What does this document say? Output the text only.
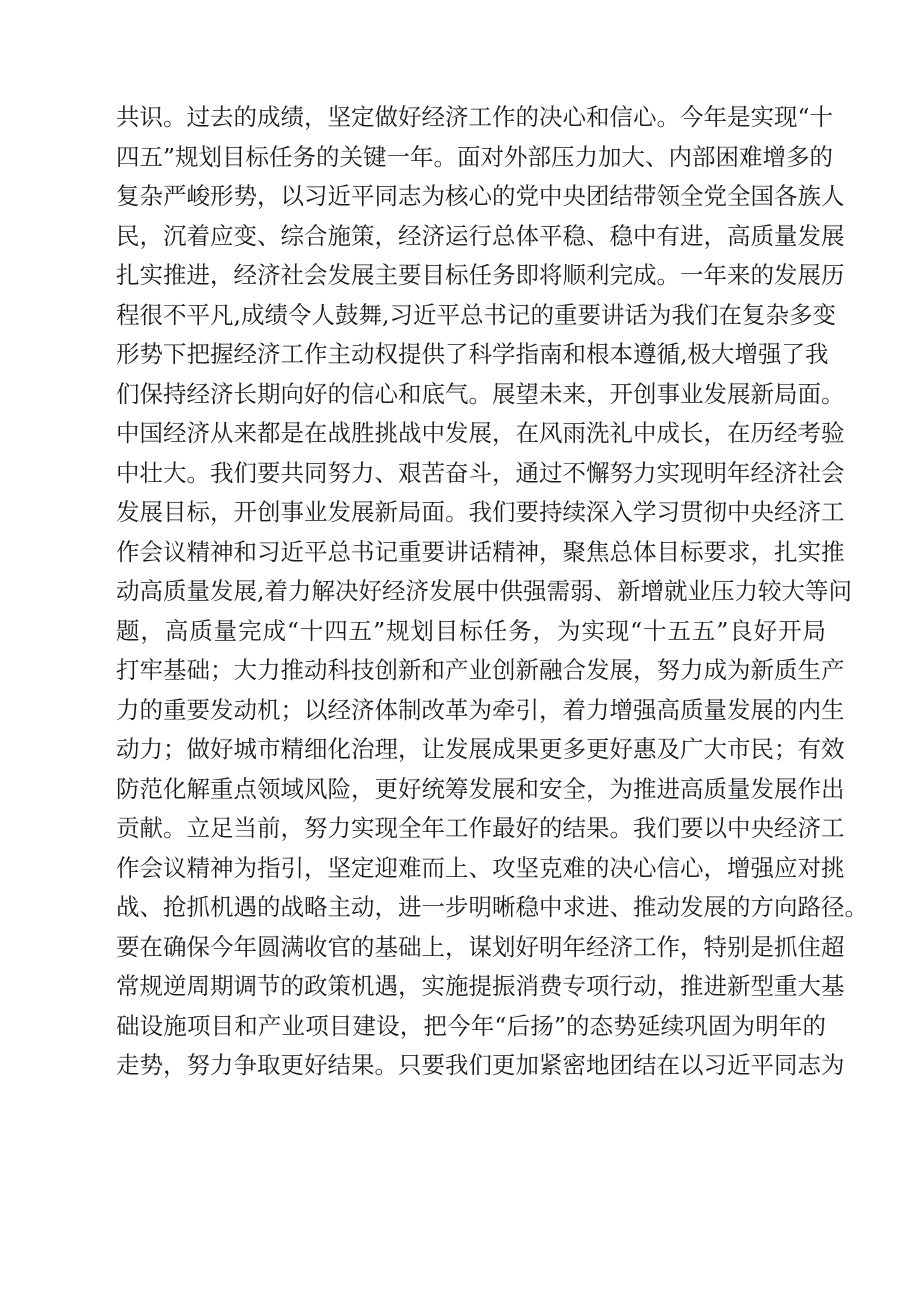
共识。过去的成绩，坚定做好经济工作的决心和信心。今年是实现“十
四五”规划目标任务的关键一年。面对外部压力加大、内部困难增多的
复杂严峻形势，以习近平同志为核心的党中央团结带领全党全国各族人
民，沉着应变、综合施策，经济运行总体平稳、稳中有进，高质量发展
扎实推进，经济社会发展主要目标任务即将顺利完成。一年来的发展历
程很不平凡,成绩令人鼓舞,习近平总书记的重要讲话为我们在复杂多变
形势下把握经济工作主动权提供了科学指南和根本遵循,极大增强了我
们保持经济长期向好的信心和底气。展望未来，开创事业发展新局面。
中国经济从来都是在战胜挑战中发展，在风雨洗礼中成长，在历经考验
中壮大。我们要共同努力、艰苦奋斗，通过不懈努力实现明年经济社会
发展目标，开创事业发展新局面。我们要持续深入学习贯彻中央经济工
作会议精神和习近平总书记重要讲话精神，聚焦总体目标要求，扎实推
动高质量发展,着力解决好经济发展中供强需弱、新增就业压力较大等问
题，高质量完成“十四五”规划目标任务，为实现“十五五”良好开局
打牢基础；大力推动科技创新和产业创新融合发展，努力成为新质生产
力的重要发动机；以经济体制改革为牵引，着力增强高质量发展的内生
动力；做好城市精细化治理，让发展成果更多更好惠及广大市民；有效
防范化解重点领域风险，更好统筹发展和安全，为推进高质量发展作出
贡献。立足当前，努力实现全年工作最好的结果。我们要以中央经济工
作会议精神为指引，坚定迎难而上、攻坚克难的决心信心，增强应对挑
战、抢抓机遇的战略主动，进一步明晰稳中求进、推动发展的方向路径。
要在确保今年圆满收官的基础上，谋划好明年经济工作，特别是抓住超
常规逆周期调节的政策机遇，实施提振消费专项行动，推进新型重大基
础设施项目和产业项目建设，把今年“后扬”的态势延续巩固为明年的
走势，努力争取更好结果。只要我们更加紧密地团结在以习近平同志为
